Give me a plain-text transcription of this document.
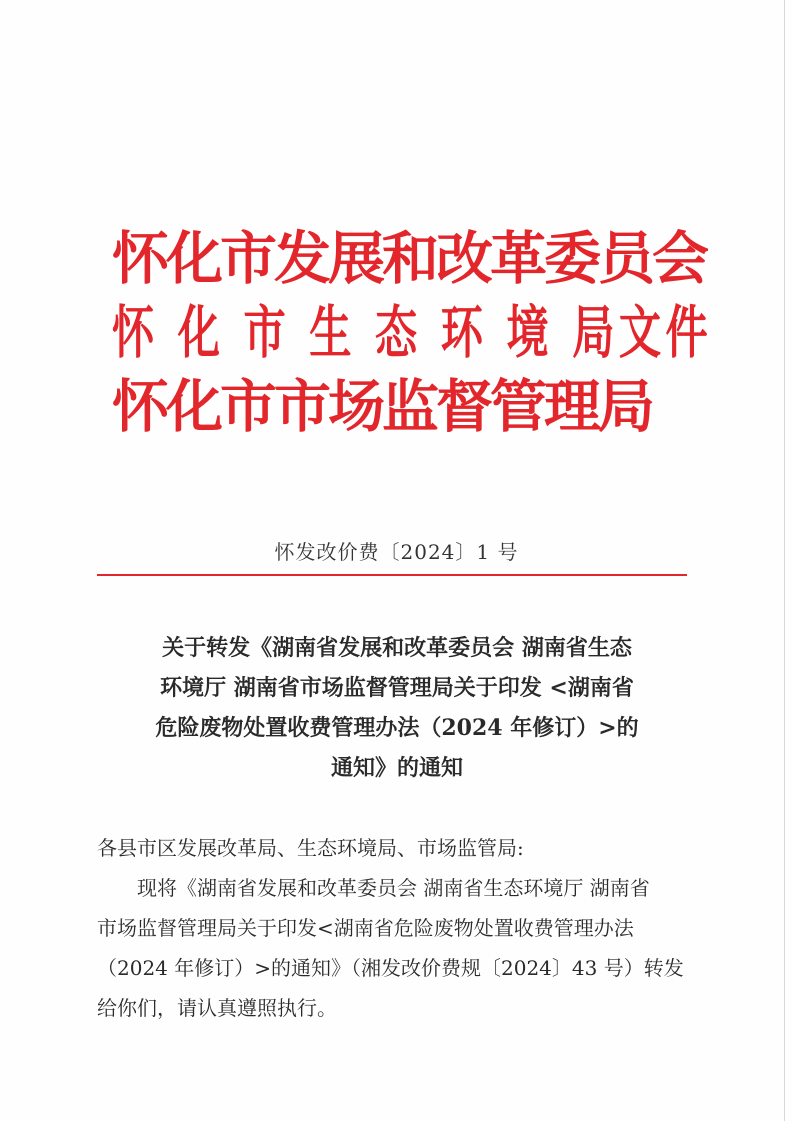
怀化市发展和改革委员会
怀 化 市 生 态 环 境 局文件
怀化市市场监督管理局
怀发改价费〔2024〕1 号
关于转发《湖南省发展和改革委员会 湖南省生态
环境厅 湖南省市场监督管理局关于印发 <湖南省
危险废物处置收费管理办法（2024 年修订）>的
通知》的通知
各县市区发展改革局、生态环境局、市场监管局:
现将《湖南省发展和改革委员会 湖南省生态环境厅 湖南省
市场监督管理局关于印发<湖南省危险废物处置收费管理办法
（2024 年修订）>的通知》（湘发改价费规〔2024〕43 号）转发
给你们，请认真遵照执行。
